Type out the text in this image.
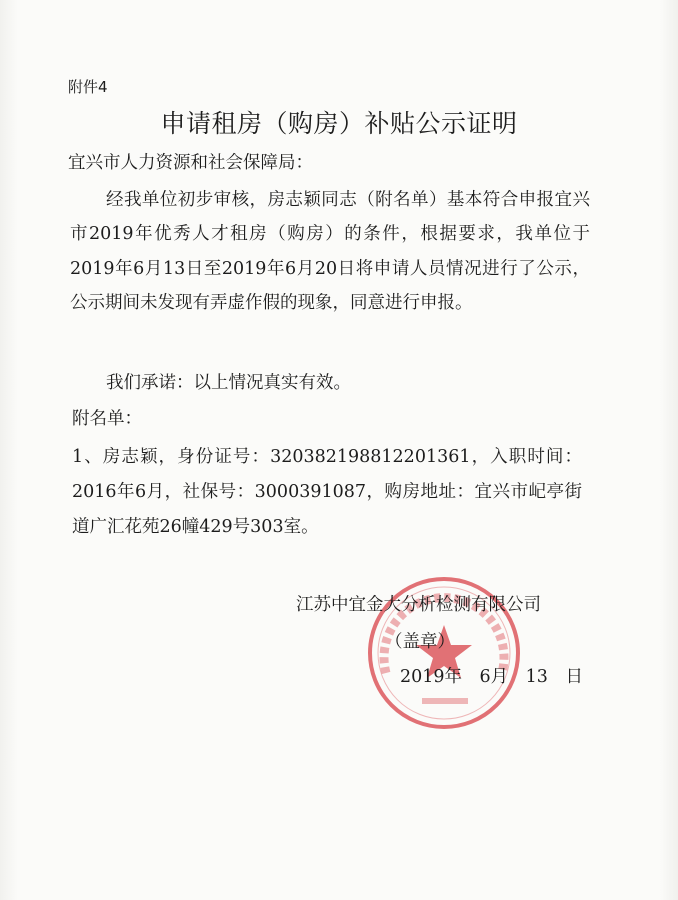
附件4
申请租房（购房）补贴公示证明
宜兴市人力资源和社会保障局：
经我单位初步审核，房志颖同志（附名单）基本符合申报宜兴市2019年优秀人才租房（购房）的条件，根据要求，我单位于2019年6月13日至2019年6月20日将申请人员情况进行了公示，公示期间未发现有弄虚作假的现象，同意进行申报。
我们承诺：以上情况真实有效。
附名单：
1、房志颖，身份证号：320382198812201361，入职时间：2016年6月，社保号：3000391087，购房地址：宜兴市屺亭街道广汇花苑26幢429号303室。
江苏中宜金大分析检测有限公司
（盖章）
2019年　6月　13　日
